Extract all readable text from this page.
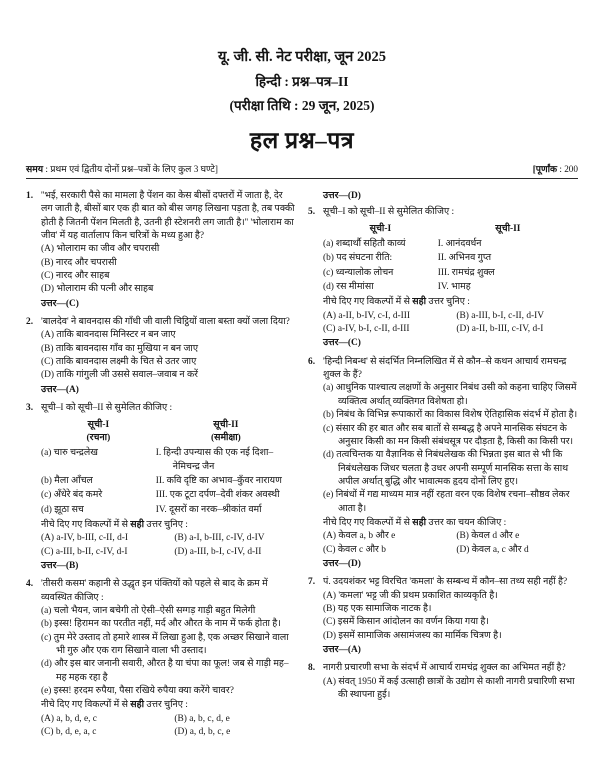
यू. जी. सी. नेट परीक्षा, जून 2025
हिन्दी : प्रश्न–पत्र–II
(परीक्षा तिथि : 29 जून, 2025)
हल प्रश्न–पत्र
समय : प्रथम एवं द्वितीय दोनों प्रश्न–पत्रों के लिए कुल 3 घण्टे]	[पूर्णांक : 200
1. ''भई, सरकारी पैसे का मामला है पेंशन का केस बीसों दफ्तरों में जाता है, देर लग जाती है, बीसों बार एक ही बात को बीस जगह लिखना पड़ता है, तब पक्की होती है जितनी पेंशन मिलती है, उतनी ही स्टेशनरी लग जाती है।'' 'भोलाराम का जीव' में यह वार्तालाप किन चरित्रों के मध्य हुआ है?
(A) भोलाराम का जीव और चपरासी
(B) नारद और चपरासी
(C) नारद और साहब
(D) भोलाराम की पत्नी और साहब
उत्तर—(C)
2. 'बालदेव' ने बावनदास की गाँधी जी वाली चिट्ठियों वाला बस्ता क्यों जला दिया?
(A) ताकि बावनदास मिनिस्टर न बन जाए
(B) ताकि बावनदास गाँव का मुखिया न बन जाए
(C) ताकि बावनदास लक्ष्मी के चित से उतर जाए
(D) ताकि गांगुली जी उससे सवाल–जवाब न करें
उत्तर—(A)
3. सूची–I को सूची–II से सुमेलित कीजिए :
सूची-I
(रचना)
सूची-II
(समीक्षा)
(a) चारु चन्द्रलेख	I. हिन्दी उपन्यास की एक नई दिशा–नेमिचन्द्र जैन
(b) मैला आँचल	II. कवि दृष्टि का अभाव–कुँवर नारायण
(c) अँधेरे बंद कमरे	III. एक टूटा दर्पण–देवी शंकर अवस्थी
(d) झूठा सच	IV. दूसरों का नरक–श्रीकांत वर्मा
नीचे दिए गए विकल्पों में से सही उत्तर चुनिए :
(A) a-IV, b-III, c-II, d-I	(B) a-I, b-III, c-IV, d-IV
(C) a-III, b-II, c-IV, d-I	(D) a-III, b-I, c-IV, d-II
उत्तर—(B)
4. 'तीसरी कसम' कहानी से उद्धृत इन पंक्तियों को पहले से बाद के क्रम में व्यवस्थित कीजिए :
(a) चलो भैयन, जान बचेगी तो ऐसी–ऐसी सग्गड़ गाड़ी बहुत मिलेगी
(b) इस्स! हिरामन का परतीत नहीं, मर्द और औरत के नाम में फर्क होता है।
(c) तुम मेरे उस्ताद तो हमारे शास्त्र में लिखा हुआ है, एक अच्छर सिखाने वाला भी गुरु और एक राग सिखाने वाला भी उस्ताद।
(d) और इस बार जनानी सवारी, औरत है या चंपा का फूल! जब से गाड़ी मह–मह महक रहा है
(e) इस्स! हरदम रुपैया, पैसा रखिये रुपैया क्या करेंगे चावर?
नीचे दिए गए विकल्पों में से सही उत्तर चुनिए :
(A) a, b, d, e, c	(B) a, b, c, d, e
(C) b, d, e, a, c	(D) a, d, b, c, e
उत्तर—(D)
5. सूची–I को सूची–II से सुमेलित कीजिए :
सूची-I	सूची-II
(a) शब्दार्थौ सहितौ काव्यं	I. आनंदवर्धन
(b) पद संघटना रीति:	II. अभिनव गुप्त
(c) ध्वन्यालोक लोचन	III. रामचंद्र शुक्ल
(d) रस मीमांसा	IV. भामह
नीचे दिए गए विकल्पों में से सही उत्तर चुनिए :
(A) a-II, b-IV, c-I, d-III	(B) a-III, b-I, c-II, d-IV
(C) a-IV, b-I, c-II, d-III	(D) a-II, b-III, c-IV, d-I
उत्तर—(C)
6. 'हिन्दी निबन्ध' से संदर्भित निम्नलिखित में से कौन–से कथन आचार्य रामचन्द्र शुक्ल के हैं?
(a) आधुनिक पाश्चात्य लक्षणों के अनुसार निबंध उसी को कहना चाहिए जिसमें व्यक्तित्व अर्थात् व्यक्तिगत विशेषता हो।
(b) निबंध के विभिन्न रूपाकारों का विकास विशेष ऐतिहासिक संदर्भ में होता है।
(c) संसार की हर बात और सब बातों से सम्बद्ध है अपने मानसिक संघटन के अनुसार किसी का मन किसी संबंधसूत्र पर दौड़ता है, किसी का किसी पर।
(d) तत्वचिन्तक या वैज्ञानिक से निबंधलेखक की भिन्नता इस बात से भी कि निबंधलेखक जिधर चलता है उधर अपनी सम्पूर्ण मानसिक सत्ता के साथ अपील अर्थात् बुद्धि और भावात्मक हृदय दोनों लिए हुए।
(e) निबंधों में गद्य माध्यम मात्र नहीं रहता वरन एक विशेष रचना–सौष्ठव लेकर आता है।
नीचे दिए गए विकल्पों में से सही उत्तर का चयन कीजिए :
(A) केवल a, b और e	(B) केवल d और e
(C) केवल c और b	(D) केवल a, c और d
उत्तर—(D)
7. पं. उदयशंकर भट्ट विरचित 'कमला' के सम्बन्ध में कौन–सा तथ्य सही नहीं है?
(A) 'कमला' भट्ट जी की प्रथम प्रकाशित काव्यकृति है।
(B) यह एक सामाजिक नाटक है।
(C) इसमें किसान आंदोलन का वर्णन किया गया है।
(D) इसमें सामाजिक असामंजस्य का मार्मिक चित्रण है।
उत्तर—(A)
8. नागरी प्रचारणी सभा के संदर्भ में आचार्य रामचंद्र शुक्ल का अभिमत नहीं है?
(A) संवत् 1950 में कई उत्साही छात्रों के उद्योग से काशी नागरी प्रचारिणी सभा की स्थापना हुई।
